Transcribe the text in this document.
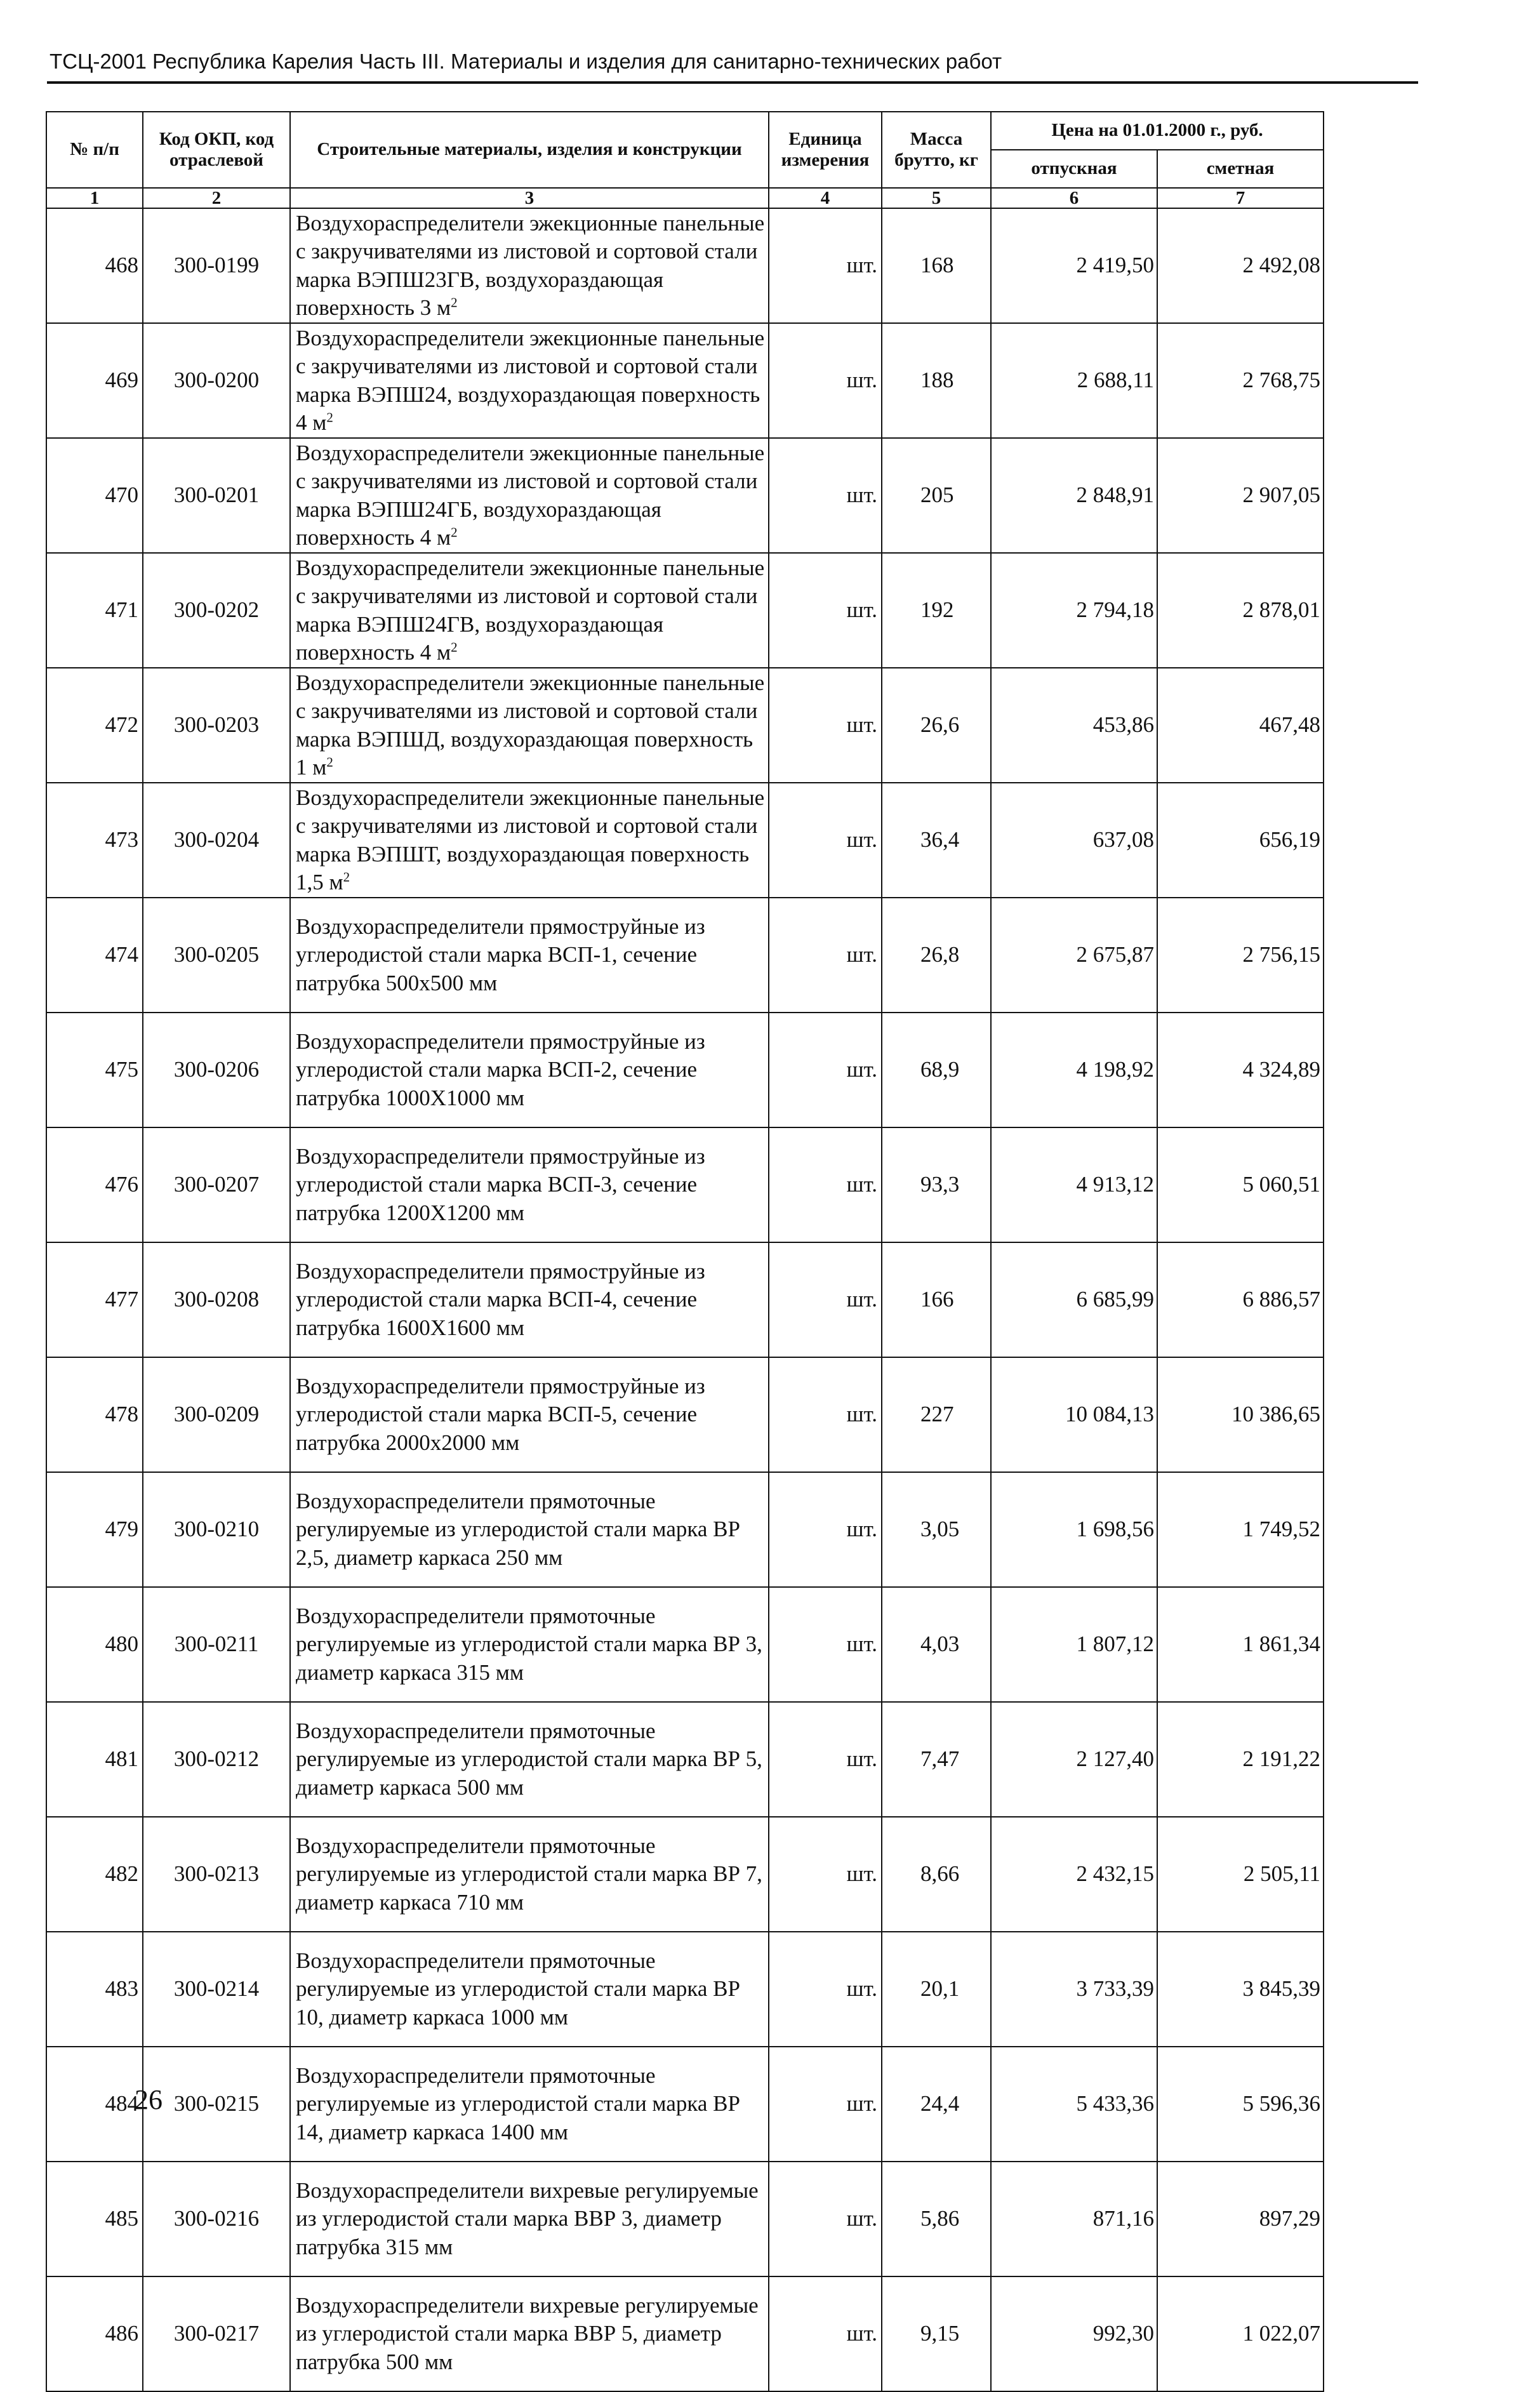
ТСЦ-2001 Республика Карелия Часть III. Материалы и изделия для санитарно-технических работ
№ п/п	Код ОКП, код отраслевой	Строительные материалы, изделия и конструкции	Единица измерения	Масса брутто, кг	Цена на 01.01.2000 г., руб.	
					отпускная	сметная
1	2	3	4	5	6	7
468	300-0199	Воздухораспределители эжекционные панельные с закручивателями из листовой и сортовой стали марка ВЭПШ23ГВ, воздухораздающая поверхность 3 $м^2$	шт.	168	2 419,50	2 492,08
469	300-0200	Воздухораспределители эжекционные панельные с закручивателями из листовой и сортовой стали марка ВЭПШ24, воздухораздающая поверхность 4 $м^2$	шт.	188	2 688,11	2 768,75
470	300-0201	Воздухораспределители эжекционные панельные с закручивателями из листовой и сортовой стали марка ВЭПШ24ГБ, воздухораздающая поверхность 4 $м^2$	шт.	205	2 848,91	2 907,05
471	300-0202	Воздухораспределители эжекционные панельные с закручивателями из листовой и сортовой стали марка ВЭПШ24ГВ, воздухораздающая поверхность 4 $м^2$	шт.	192	2 794,18	2 878,01
472	300-0203	Воздухораспределители эжекционные панельные с закручивателями из листовой и сортовой стали марка ВЭПШД, воздухораздающая поверхность 1 $м^2$	шт.	26,6	453,86	467,48
473	300-0204	Воздухораспределители эжекционные панельные с закручивателями из листовой и сортовой стали марка ВЭПШТ, воздухораздающая поверхность 1,5 $м^2$	шт.	36,4	637,08	656,19
474	300-0205	Воздухораспределители прямоструйные из углеродистой стали марка ВСП-1, сечение патрубка 500х500 мм	шт.	26,8	2 675,87	2 756,15
475	300-0206	Воздухораспределители прямоструйные из углеродистой стали марка ВСП-2, сечение патрубка 1000Х1000 мм	шт.	68,9	4 198,92	4 324,89
476	300-0207	Воздухораспределители прямоструйные из углеродистой стали марка ВСП-3, сечение патрубка 1200Х1200 мм	шт.	93,3	4 913,12	5 060,51
477	300-0208	Воздухораспределители прямоструйные из углеродистой стали марка ВСП-4, сечение патрубка 1600Х1600 мм	шт.	166	6 685,99	6 886,57
478	300-0209	Воздухораспределители прямоструйные из углеродистой стали марка ВСП-5, сечение патрубка 2000х2000 мм	шт.	227	10 084,13	10 386,65
479	300-0210	Воздухораспределители прямоточные регулируемые из углеродистой стали марка ВР 2,5, диаметр каркаса 250 мм	шт.	3,05	1 698,56	1 749,52
480	300-0211	Воздухораспределители прямоточные регулируемые из углеродистой стали марка ВР 3, диаметр каркаса 315 мм	шт.	4,03	1 807,12	1 861,34
481	300-0212	Воздухораспределители прямоточные регулируемые из углеродистой стали марка ВР 5, диаметр каркаса 500 мм	шт.	7,47	2 127,40	2 191,22
482	300-0213	Воздухораспределители прямоточные регулируемые из углеродистой стали марка ВР 7, диаметр каркаса 710 мм	шт.	8,66	2 432,15	2 505,11
483	300-0214	Воздухораспределители прямоточные регулируемые из углеродистой стали марка ВР 10, диаметр каркаса 1000 мм	шт.	20,1	3 733,39	3 845,39
484	300-0215	Воздухораспределители прямоточные регулируемые из углеродистой стали марка ВР 14, диаметр каркаса 1400 мм	шт.	24,4	5 433,36	5 596,36
485	300-0216	Воздухораспределители вихревые регулируемые из углеродистой стали марка ВВР 3, диаметр патрубка 315 мм	шт.	5,86	871,16	897,29
486	300-0217	Воздухораспределители вихревые регулируемые из углеродистой стали марка ВВР 5, диаметр патрубка 500 мм	шт.	9,15	992,30	1 022,07
26
